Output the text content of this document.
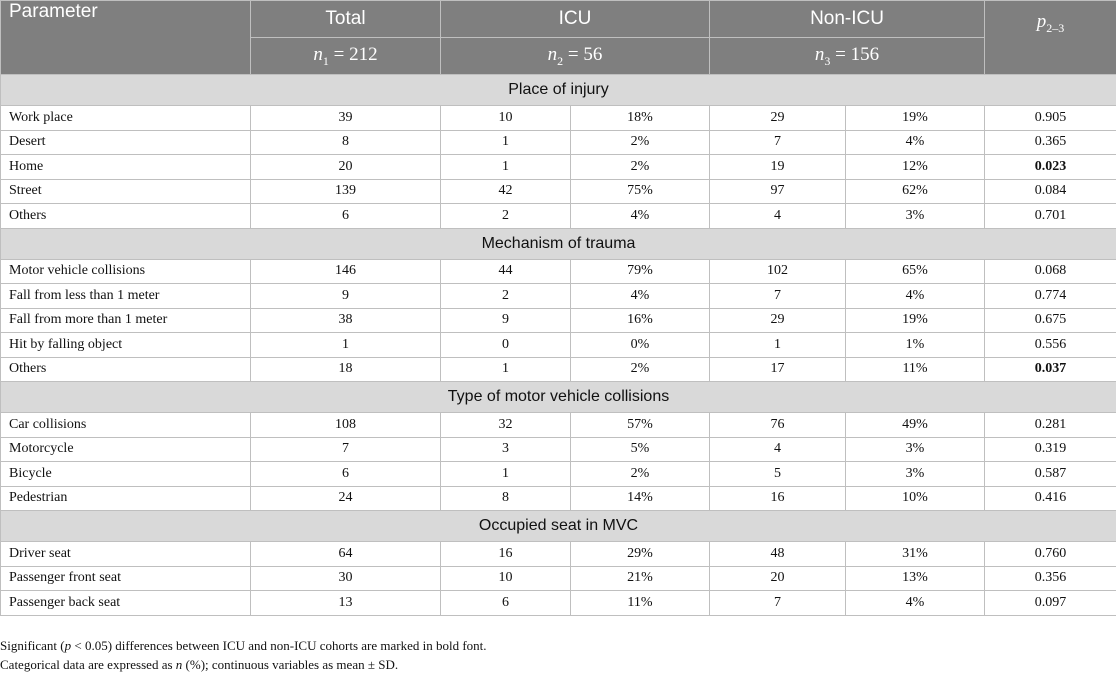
Parameter	Total	ICU		Non-ICU		$p_{2-3}$
	$n_1 = 212$	$n_2 = 56$		$n_3 = 156$		
Place of injury						
Work place	39	10	18%	29	19%	0.905
Desert	8	1	2%	7	4%	0.365
Home	20	1	2%	19	12%	0.023
Street	139	42	75%	97	62%	0.084
Others	6	2	4%	4	3%	0.701
Mechanism of trauma						
Motor vehicle collisions	146	44	79%	102	65%	0.068
Fall from less than 1 meter	9	2	4%	7	4%	0.774
Fall from more than 1 meter	38	9	16%	29	19%	0.675
Hit by falling object	1	0	0%	1	1%	0.556
Others	18	1	2%	17	11%	0.037
Type of motor vehicle collisions						
Car collisions	108	32	57%	76	49%	0.281
Motorcycle	7	3	5%	4	3%	0.319
Bicycle	6	1	2%	5	3%	0.587
Pedestrian	24	8	14%	16	10%	0.416
Occupied seat in MVC						
Driver seat	64	16	29%	48	31%	0.760
Passenger front seat	30	10	21%	20	13%	0.356
Passenger back seat	13	6	11%	7	4%	0.097

Significant (p < 0.05) differences between ICU and non-ICU cohorts are marked in bold font.

Categorical data are expressed as n (%); continuous variables as mean ± SD.
